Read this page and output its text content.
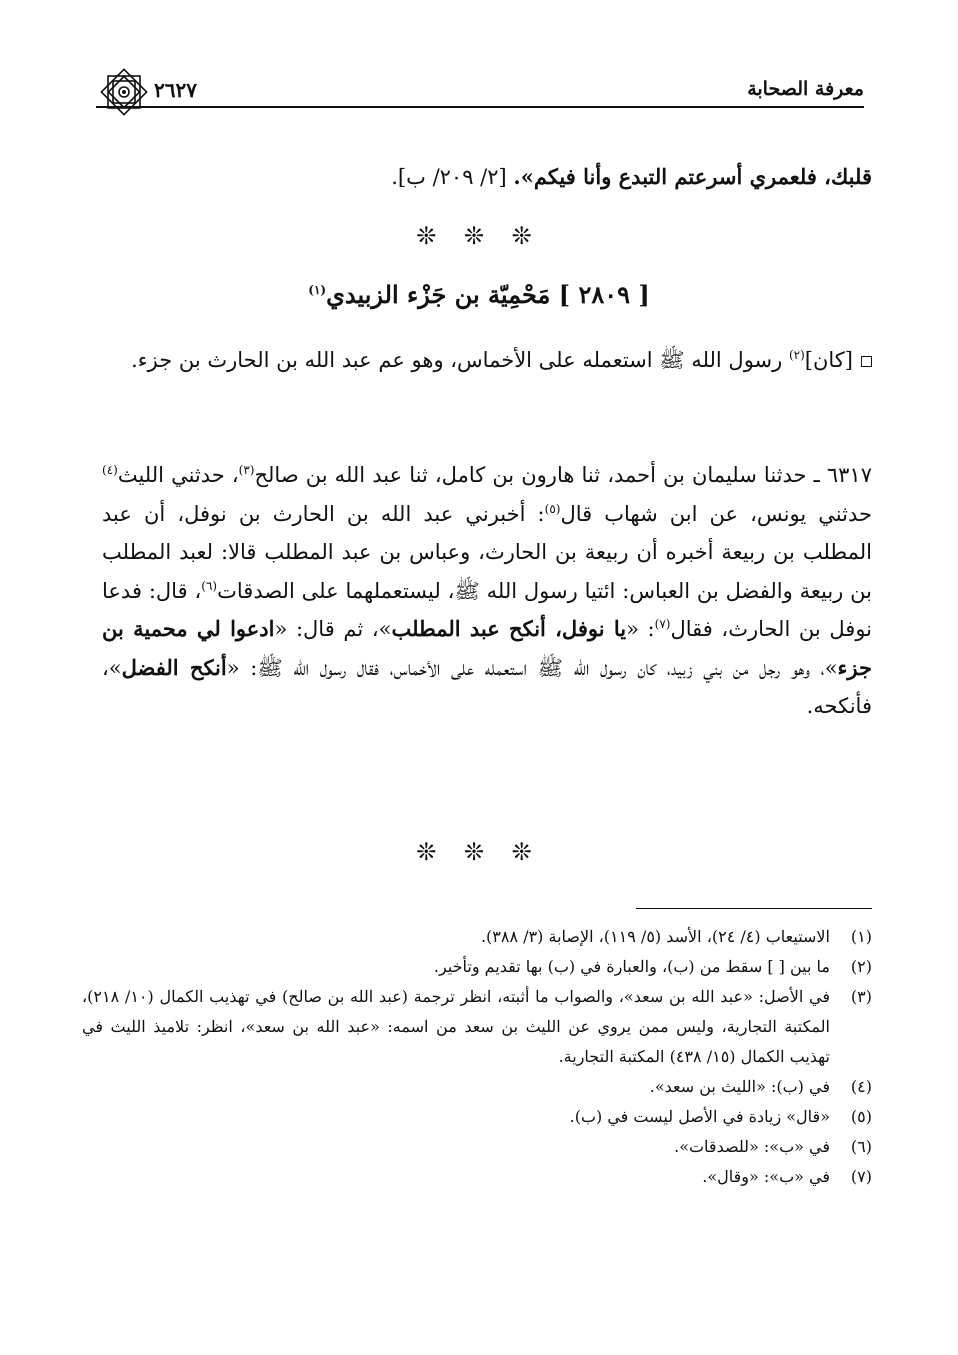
معرفة الصحابة
٢٦٢٧
قلبك، فلعمري أسرعتم التبدع وأنا فيكم». [٢/ ٢٠٩/ ب].
❊ ❊ ❊
[ ٢٨٠٩ ] مَحْمِيّة بن جَزْء الزبيدي$^{(١)}$
[كان]$^{(٢)}$ رسول الله ﷺ استعمله على الأخماس، وهو عم عبد الله بن الحارث بن جزء.
٦٣١٧ ـ حدثنا سليمان بن أحمد، ثنا هارون بن كامل، ثنا عبد الله بن صالح$^{(٣)}$، حدثني الليث$^{(٤)}$ حدثني يونس، عن ابن شهاب قال$^{(٥)}$: أخبرني عبد الله بن الحارث بن نوفل، أن عبد المطلب بن ربيعة أخبره أن ربيعة بن الحارث، وعباس بن عبد المطلب قالا: لعبد المطلب بن ربيعة والفضل بن العباس: ائتيا رسول الله ﷺ، ليستعملهما على الصدقات$^{(٦)}$، قال: فدعا نوفل بن الحارث، فقال$^{(٧)}$: «يا نوفل، أنكح عبد المطلب»، ثم قال: «ادعوا لي محمية بن جزء»، وهو رجل من بني زبيد، كان رسول الله ﷺ استعمله على الأخماس، فقال رسول الله ﷺ: «أنكح الفضل»، فأنكحه.
❊ ❊ ❊
(١)
الاستيعاب (٤/ ٢٤)، الأسد (٥/ ١١٩)، الإصابة (٣/ ٣٨٨).
(٢)
ما بين [ ] سقط من (ب)، والعبارة في (ب) بها تقديم وتأخير.
(٣)
في الأصل: «عبد الله بن سعد»، والصواب ما أثبته، انظر ترجمة (عبد الله بن صالح) في تهذيب الكمال (١٠/ ٢١٨)، المكتبة التجارية، وليس ممن يروي عن الليث بن سعد من اسمه: «عبد الله بن سعد»، انظر: تلاميذ الليث في تهذيب الكمال (١٥/ ٤٣٨) المكتبة التجارية.
(٤)
في (ب): «الليث بن سعد».
(٥)
«قال» زيادة في الأصل ليست في (ب).
(٦)
في «ب»: «للصدقات».
(٧)
في «ب»: «وقال».
